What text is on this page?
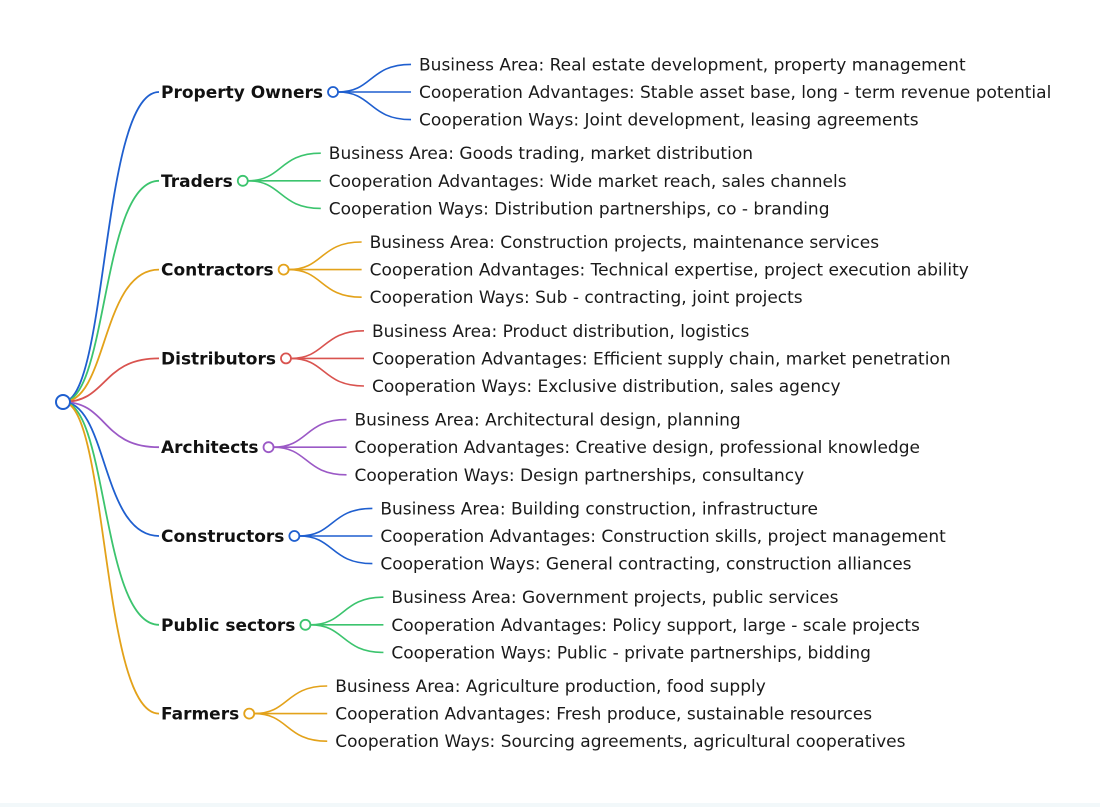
Property Owners
Business Area: Real estate development, property management
Cooperation Advantages: Stable asset base, long - term revenue potential
Cooperation Ways: Joint development, leasing agreements
Traders
Business Area: Goods trading, market distribution
Cooperation Advantages: Wide market reach, sales channels
Cooperation Ways: Distribution partnerships, co - branding
Contractors
Business Area: Construction projects, maintenance services
Cooperation Advantages: Technical expertise, project execution ability
Cooperation Ways: Sub - contracting, joint projects
Distributors
Business Area: Product distribution, logistics
Cooperation Advantages: Efficient supply chain, market penetration
Cooperation Ways: Exclusive distribution, sales agency
Architects
Business Area: Architectural design, planning
Cooperation Advantages: Creative design, professional knowledge
Cooperation Ways: Design partnerships, consultancy
Constructors
Business Area: Building construction, infrastructure
Cooperation Advantages: Construction skills, project management
Cooperation Ways: General contracting, construction alliances
Public sectors
Business Area: Government projects, public services
Cooperation Advantages: Policy support, large - scale projects
Cooperation Ways: Public - private partnerships, bidding
Farmers
Business Area: Agriculture production, food supply
Cooperation Advantages: Fresh produce, sustainable resources
Cooperation Ways: Sourcing agreements, agricultural cooperatives
